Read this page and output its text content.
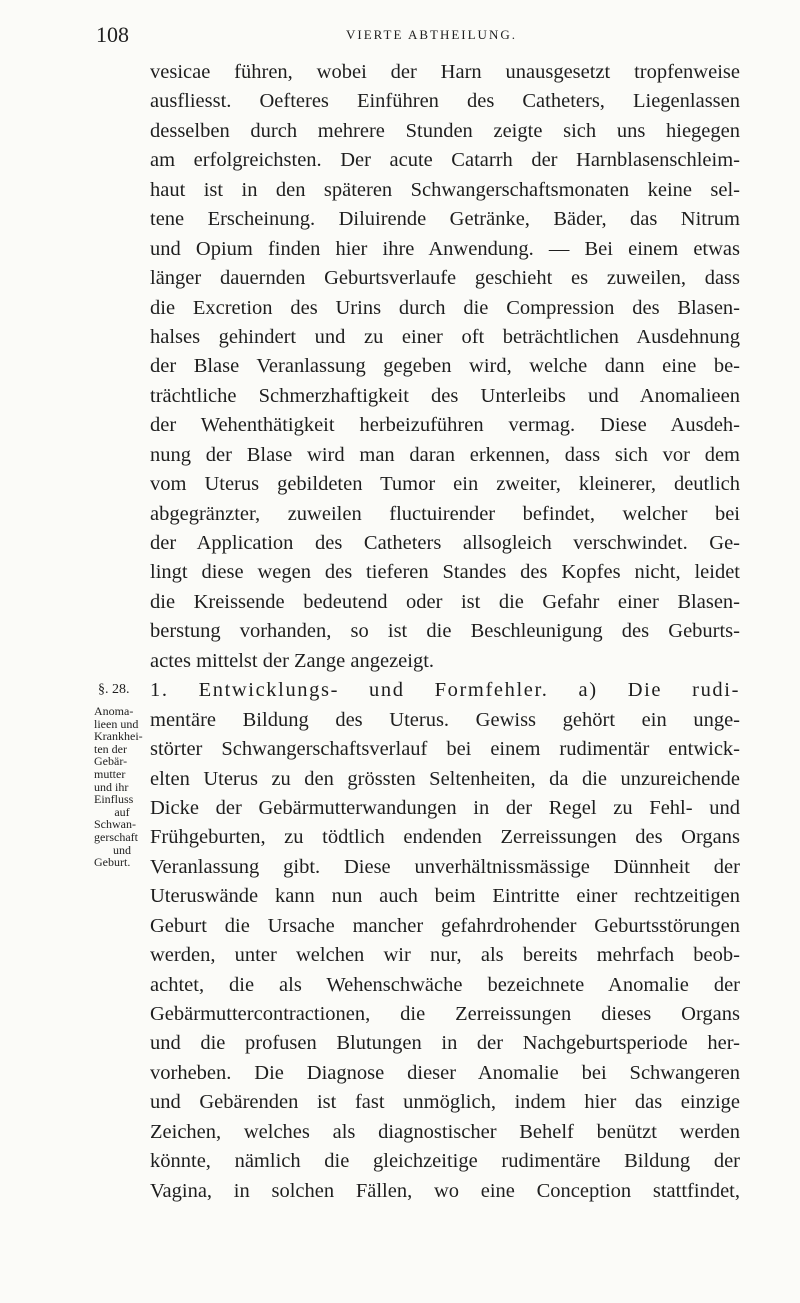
108	VIERTE ABTHEILUNG.
§. 28.
Anoma-
lieen und
Krankhei-
ten der
Gebär-
mutter
und ihr
Einfluss
auf
Schwan-
gerschaft
und
Geburt.
vesicae führen, wobei der Harn unausgesetzt tropfenweise
ausfliesst. Oefteres Einführen des Catheters, Liegenlassen
desselben durch mehrere Stunden zeigte sich uns hiegegen
am erfolgreichsten. Der acute Catarrh der Harnblasenschleim-
haut ist in den späteren Schwangerschaftsmonaten keine sel-
tene Erscheinung. Diluirende Getränke, Bäder, das Nitrum
und Opium finden hier ihre Anwendung. — Bei einem etwas
länger dauernden Geburtsverlaufe geschieht es zuweilen, dass
die Excretion des Urins durch die Compression des Blasen-
halses gehindert und zu einer oft beträchtlichen Ausdehnung
der Blase Veranlassung gegeben wird, welche dann eine be-
trächtliche Schmerzhaftigkeit des Unterleibs und Anomalieen
der Wehenthätigkeit herbeizuführen vermag. Diese Ausdeh-
nung der Blase wird man daran erkennen, dass sich vor dem
vom Uterus gebildeten Tumor ein zweiter, kleinerer, deutlich
abgegränzter, zuweilen fluctuirender befindet, welcher bei
der Application des Catheters allsogleich verschwindet. Ge-
lingt diese wegen des tieferen Standes des Kopfes nicht, leidet
die Kreissende bedeutend oder ist die Gefahr einer Blasen-
berstung vorhanden, so ist die Beschleunigung des Geburts-
actes mittelst der Zange angezeigt.
1. Entwicklungs- und Formfehler. a) Die rudi-
mentäre Bildung des Uterus. Gewiss gehört ein unge-
störter Schwangerschaftsverlauf bei einem rudimentär entwick-
elten Uterus zu den grössten Seltenheiten, da die unzureichende
Dicke der Gebärmutterwandungen in der Regel zu Fehl- und
Frühgeburten, zu tödtlich endenden Zerreissungen des Organs
Veranlassung gibt. Diese unverhältnissmässige Dünnheit der
Uteruswände kann nun auch beim Eintritte einer rechtzeitigen
Geburt die Ursache mancher gefahrdrohender Geburtsstörungen
werden, unter welchen wir nur, als bereits mehrfach beob-
achtet, die als Wehenschwäche bezeichnete Anomalie der
Gebärmuttercontractionen, die Zerreissungen dieses Organs
und die profusen Blutungen in der Nachgeburtsperiode her-
vorheben. Die Diagnose dieser Anomalie bei Schwangeren
und Gebärenden ist fast unmöglich, indem hier das einzige
Zeichen, welches als diagnostischer Behelf benützt werden
könnte, nämlich die gleichzeitige rudimentäre Bildung der
Vagina, in solchen Fällen, wo eine Conception stattfindet,
